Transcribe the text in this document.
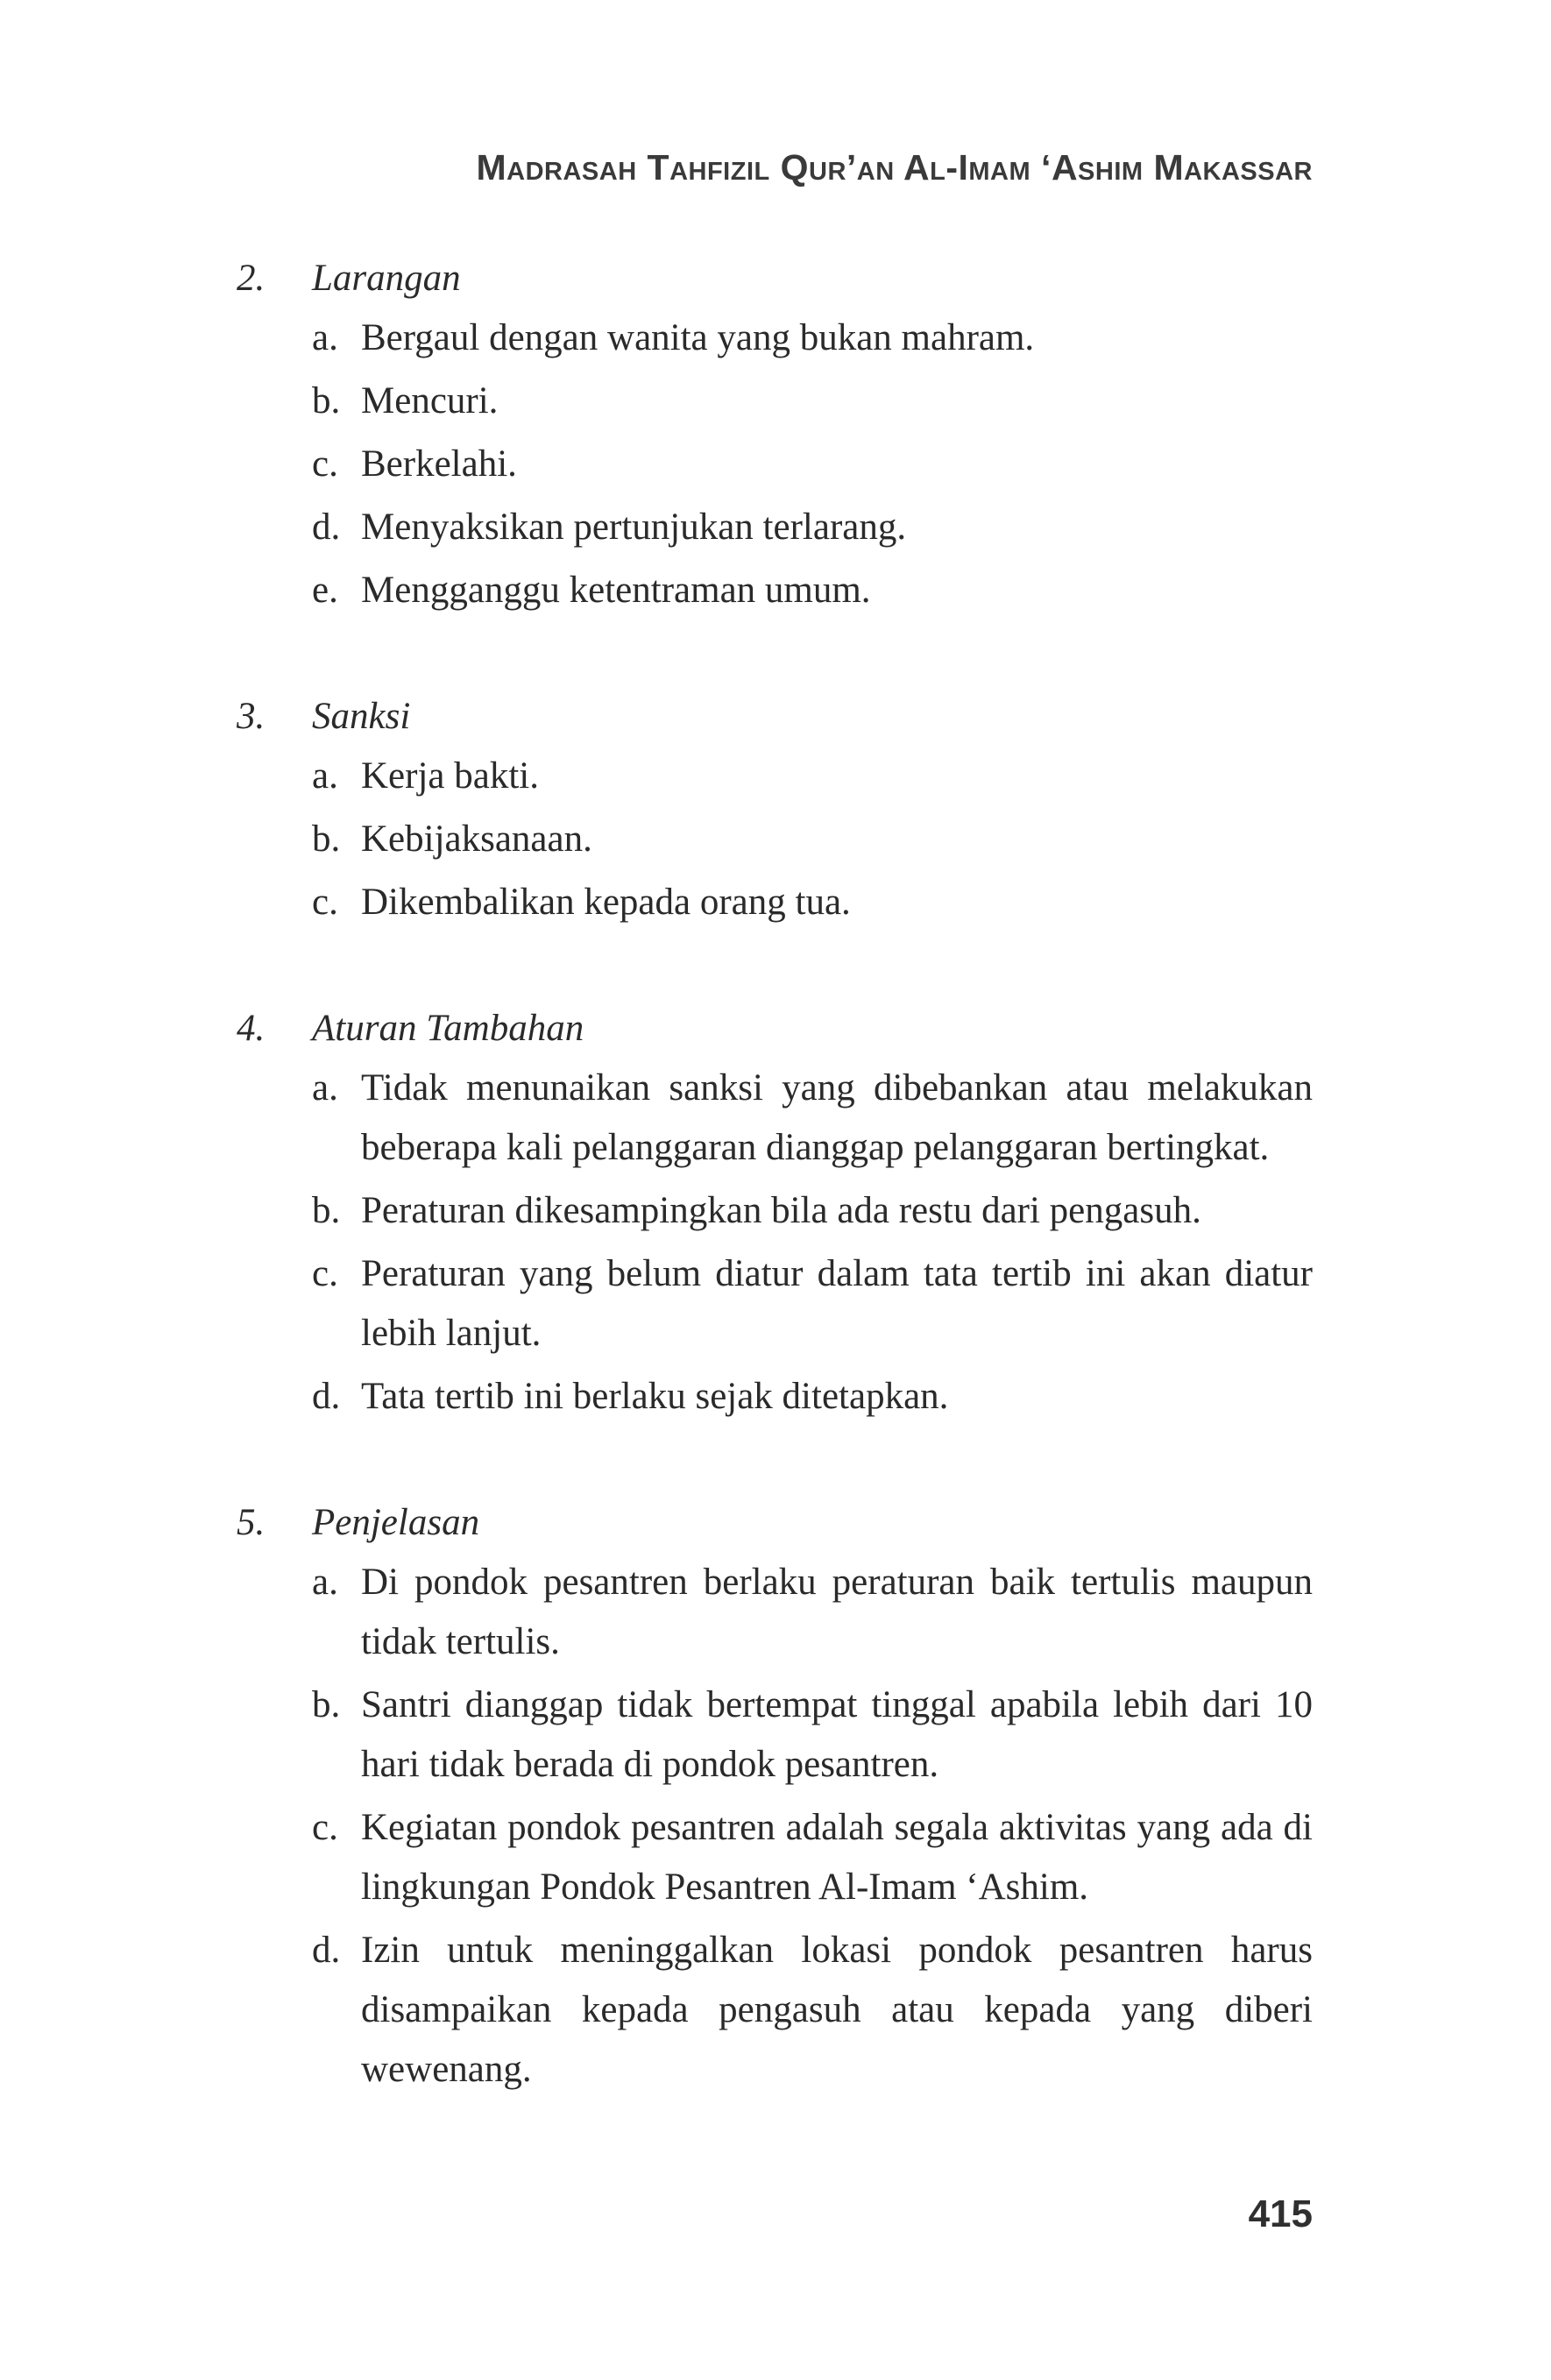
Madrasah Tahfizil Qur’an Al-Imam ‘Ashim Makassar
2.	Larangan
a. Bergaul dengan wanita yang bukan mahram.
b. Mencuri.
c. Berkelahi.
d. Menyaksikan pertunjukan terlarang.
e. Mengganggu ketentraman umum.
3.	Sanksi
a. Kerja bakti.
b. Kebijaksanaan.
c. Dikembalikan kepada orang tua.
4.	Aturan Tambahan
a. Tidak menunaikan sanksi yang dibebankan atau melakukan beberapa kali pelanggaran dianggap pelanggaran bertingkat.
b. Peraturan dikesampingkan bila ada restu dari pengasuh.
c. Peraturan yang belum diatur dalam tata tertib ini akan diatur lebih lanjut.
d. Tata tertib ini berlaku sejak ditetapkan.
5.	Penjelasan
a. Di pondok pesantren berlaku peraturan baik tertulis maupun tidak tertulis.
b. Santri dianggap tidak bertempat tinggal apabila lebih dari 10 hari tidak berada di pondok pesantren.
c. Kegiatan pondok pesantren adalah segala aktivitas yang ada di lingkungan Pondok Pesantren Al-Imam ‘Ashim.
d. Izin untuk meninggalkan lokasi pondok pesantren harus disampaikan kepada pengasuh atau kepada yang diberi wewenang.
415
